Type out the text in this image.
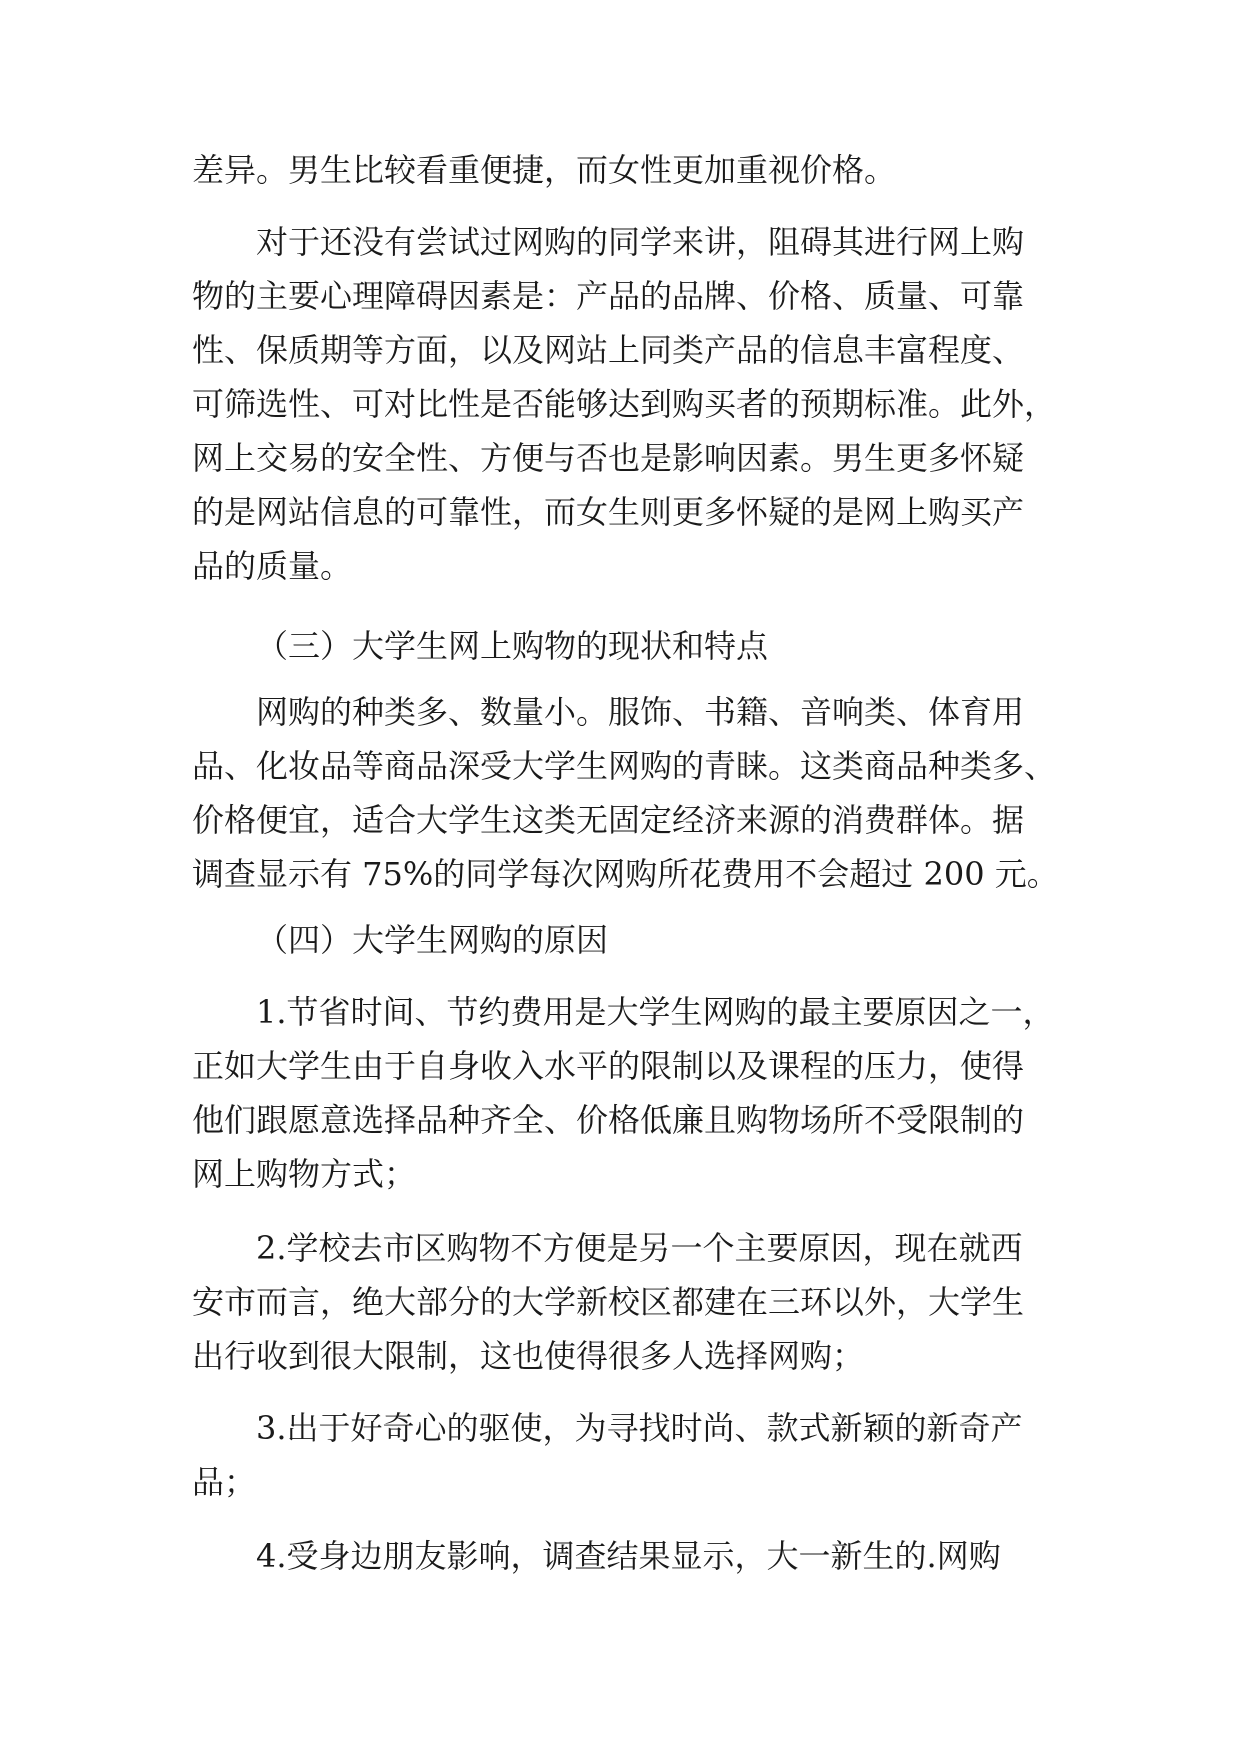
差异。男生比较看重便捷，而女性更加重视价格。
对于还没有尝试过网购的同学来讲，阻碍其进行网上购
物的主要心理障碍因素是：产品的品牌、价格、质量、可靠
性、保质期等方面，以及网站上同类产品的信息丰富程度、
可筛选性、可对比性是否能够达到购买者的预期标准。此外，
网上交易的安全性、方便与否也是影响因素。男生更多怀疑
的是网站信息的可靠性，而女生则更多怀疑的是网上购买产
品的质量。
（三）大学生网上购物的现状和特点
网购的种类多、数量小。服饰、书籍、音响类、体育用
品、化妆品等商品深受大学生网购的青睐。这类商品种类多、
价格便宜，适合大学生这类无固定经济来源的消费群体。据
调查显示有 75%的同学每次网购所花费用不会超过 200 元。
（四）大学生网购的原因
1.节省时间、节约费用是大学生网购的最主要原因之一，
正如大学生由于自身收入水平的限制以及课程的压力，使得
他们跟愿意选择品种齐全、价格低廉且购物场所不受限制的
网上购物方式；
2.学校去市区购物不方便是另一个主要原因，现在就西
安市而言，绝大部分的大学新校区都建在三环以外，大学生
出行收到很大限制，这也使得很多人选择网购；
3.出于好奇心的驱使，为寻找时尚、款式新颖的新奇产
品；
4.受身边朋友影响，调查结果显示，大一新生的.网购
